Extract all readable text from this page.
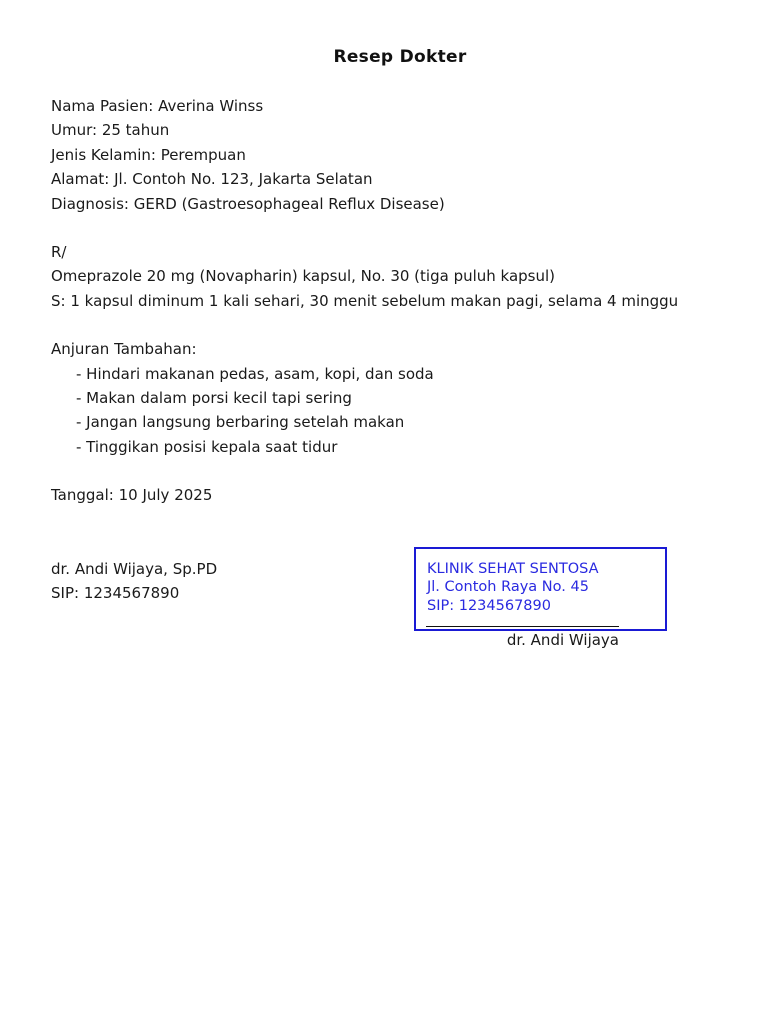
Resep Dokter
Nama Pasien: Averina Winss
Umur: 25 tahun
Jenis Kelamin: Perempuan
Alamat: Jl. Contoh No. 123, Jakarta Selatan
Diagnosis: GERD (Gastroesophageal Reflux Disease)
R/
Omeprazole 20 mg (Novapharin) kapsul, No. 30 (tiga puluh kapsul)
S: 1 kapsul diminum 1 kali sehari, 30 menit sebelum makan pagi, selama 4 minggu
Anjuran Tambahan:
- Hindari makanan pedas, asam, kopi, dan soda
- Makan dalam porsi kecil tapi sering
- Jangan langsung berbaring setelah makan
- Tinggikan posisi kepala saat tidur
Tanggal: 10 July 2025
dr. Andi Wijaya, Sp.PD
SIP: 1234567890
KLINIK SEHAT SENTOSA
Jl. Contoh Raya No. 45
SIP: 1234567890
dr. Andi Wijaya
